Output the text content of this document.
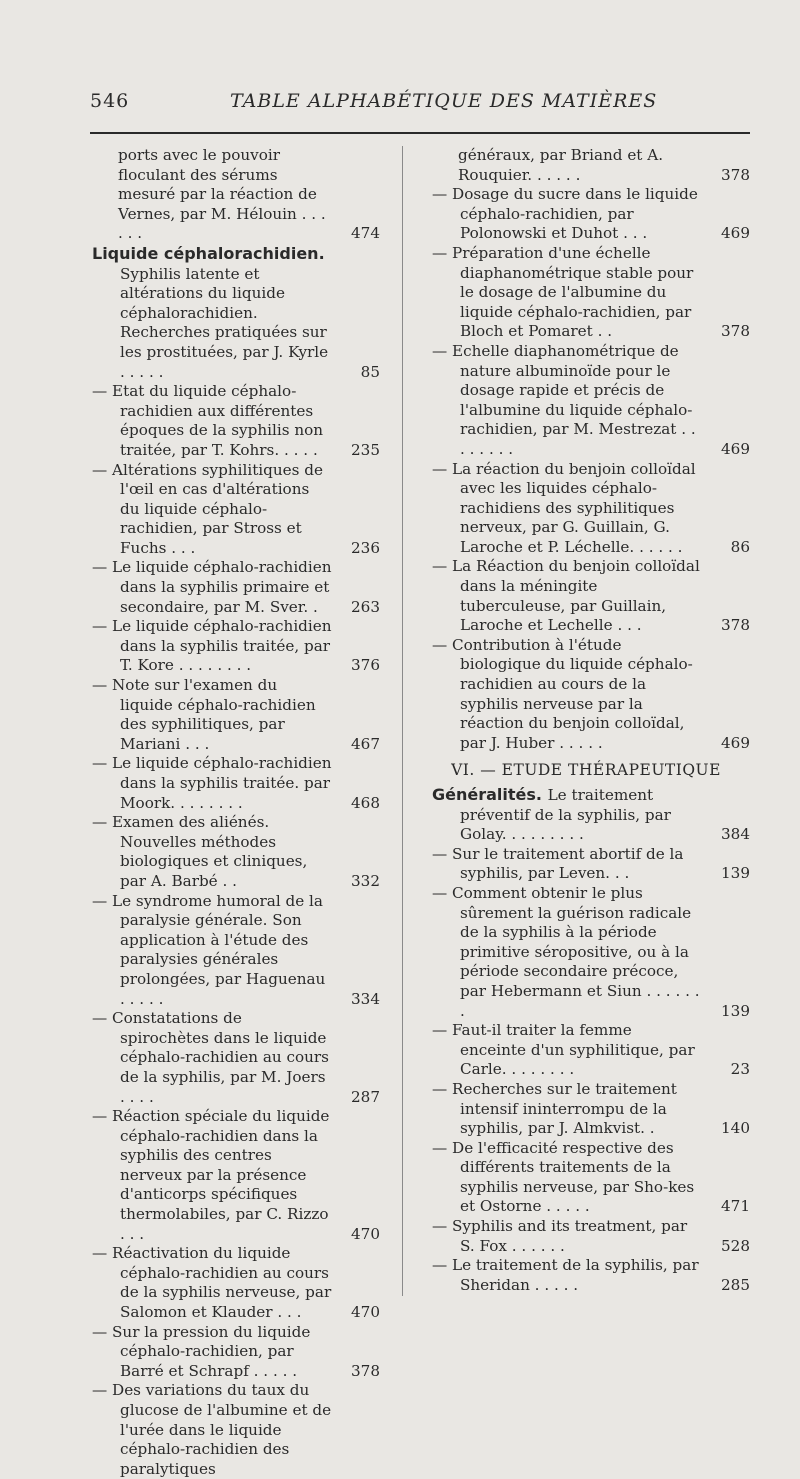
546	TABLE ALPHABÉTIQUE DES MATIÈRES
ports avec le pouvoir floculant des sérums mesuré par la réaction de Vernes, par M. Hélouin . . . . . .	474
Liquide céphalorachidien. Syphilis latente et altérations du liquide céphalorachidien. Recherches pratiquées sur les prostituées, par J. Kyrle . . . . .	85
— Etat du liquide céphalo-rachidien aux différentes époques de la syphilis non traitée, par T. Kohrs. . . . . 235
— Altérations syphilitiques de l'œil en cas d'altérations du liquide céphalo-rachidien, par Stross et Fuchs . . .	236
— Le liquide céphalo-rachidien dans la syphilis primaire et secondaire, par M. Sver. . 263
— Le liquide céphalo-rachidien dans la syphilis traitée, par T. Kore . . . . . . . .	376
— Note sur l'examen du liquide céphalo-rachidien des syphilitiques, par Mariani . . .	467
— Le liquide céphalo-rachidien dans la syphilis traitée. par Moork. . . . . . . .	468
— Examen des aliénés. Nouvelles méthodes biologiques et cliniques, par A. Barbé . .	332
— Le syndrome humoral de la paralysie générale. Son application à l'étude des paralysies générales prolongées, par Haguenau . . . . .	334
— Constatations de spirochètes dans le liquide céphalo-rachidien au cours de la syphilis, par M. Joers . . . .	287
— Réaction spéciale du liquide céphalo-rachidien dans la syphilis des centres nerveux par la présence d'anticorps spécifiques thermolabiles, par C. Rizzo . . .	470
— Réactivation du liquide céphalo-rachidien au cours de la syphilis nerveuse, par Salomon et Klauder . . .	470
— Sur la pression du liquide céphalo-rachidien, par Barré et Schrapf . . . . .	378
— Des variations du taux du glucose de l'albumine et de l'urée dans le liquide céphalo-rachidien des paralytiques
généraux, par Briand et A. Rouquier. . . . . .	378
— Dosage du sucre dans le liquide céphalo-rachidien, par Polonowski et Duhot . . .	469
— Préparation d'une échelle diaphanométrique stable pour le dosage de l'albumine du liquide céphalo-rachidien, par Bloch et Pomaret . .	378
— Echelle diaphanométrique de nature albuminoïde pour le dosage rapide et précis de l'albumine du liquide céphalo-rachidien, par M. Mestrezat . . . . . . . .	469
— La réaction du benjoin colloïdal avec les liquides céphalo-rachidiens des syphilitiques nerveux, par G. Guillain, G. Laroche et P. Léchelle. . . . . .	86
— La Réaction du benjoin colloïdal dans la méningite tuberculeuse, par Guillain, Laroche et Lechelle . . .	378
— Contribution à l'étude biologique du liquide céphalo-rachidien au cours de la syphilis nerveuse par la réaction du benjoin colloïdal, par J. Huber . . . . .	469
VI. — ETUDE THÉRAPEUTIQUE
Généralités. Le traitement préventif de la syphilis, par Golay. . . . . . . . .	384
— Sur le traitement abortif de la syphilis, par Leven. . .	139
— Comment obtenir le plus sûrement la guérison radicale de la syphilis à la période primitive séropositive, ou à la période secondaire précoce, par Hebermann et Siun . . . . . . .	139
— Faut-il traiter la femme enceinte d'un syphilitique, par Carle. . . . . . . .	23
— Recherches sur le traitement intensif ininterrompu de la syphilis, par J. Almkvist. .	140
— De l'efficacité respective des différents traitements de la syphilis nerveuse, par Sho-kes et Ostorne . . . . .	471
— Syphilis and its treatment, par S. Fox . . . . . .	528
— Le traitement de la syphilis, par Sheridan . . . . .	285
